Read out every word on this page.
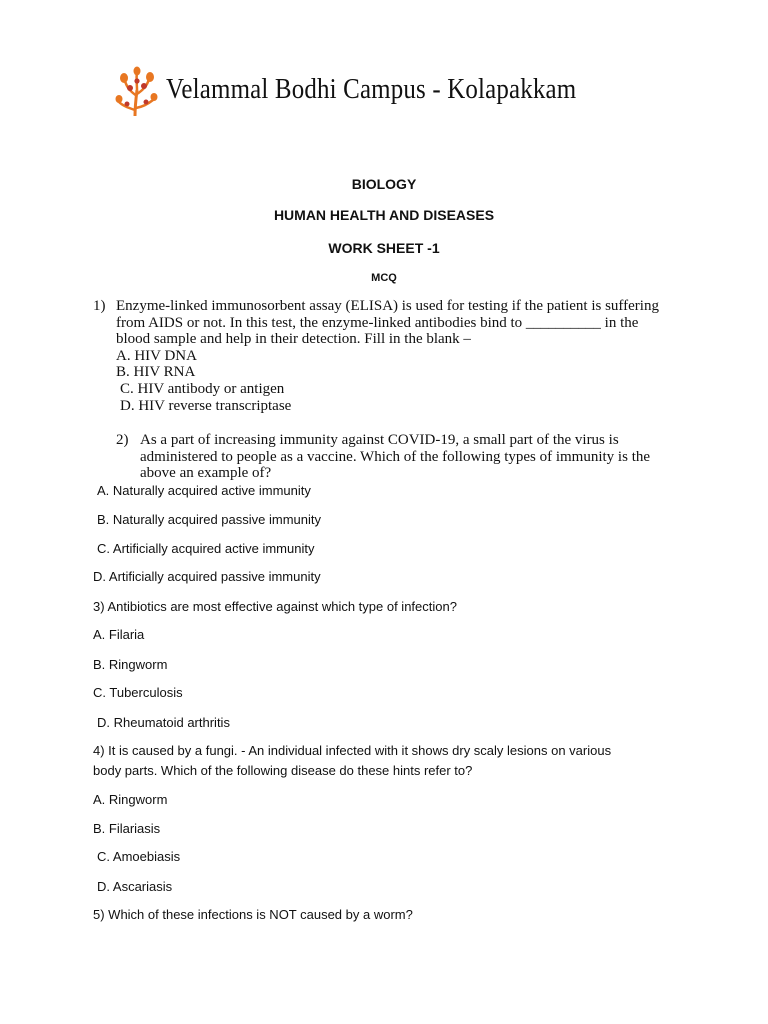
Velammal Bodhi Campus - Kolapakkam
BIOLOGY
HUMAN HEALTH AND DISEASES
WORK SHEET -1
MCQ
1) Enzyme-linked immunosorbent assay (ELISA) is used for testing if the patient is suffering from AIDS or not. In this test, the enzyme-linked antibodies bind to __________ in the blood sample and help in their detection. Fill in the blank –
A. HIV DNA
B. HIV RNA
C. HIV antibody or antigen
D. HIV reverse transcriptase
2) As a part of increasing immunity against COVID-19, a small part of the virus is administered to people as a vaccine. Which of the following types of immunity is the above an example of?
A. Naturally acquired active immunity
B. Naturally acquired passive immunity
C. Artificially acquired active immunity
D. Artificially acquired passive immunity
3) Antibiotics are most effective against which type of infection?
A. Filaria
B. Ringworm
C. Tuberculosis
D. Rheumatoid arthritis
4) It is caused by a fungi. - An individual infected with it shows dry scaly lesions on various
body parts. Which of the following disease do these hints refer to?
A. Ringworm
B. Filariasis
C. Amoebiasis
D. Ascariasis
5) Which of these infections is NOT caused by a worm?
